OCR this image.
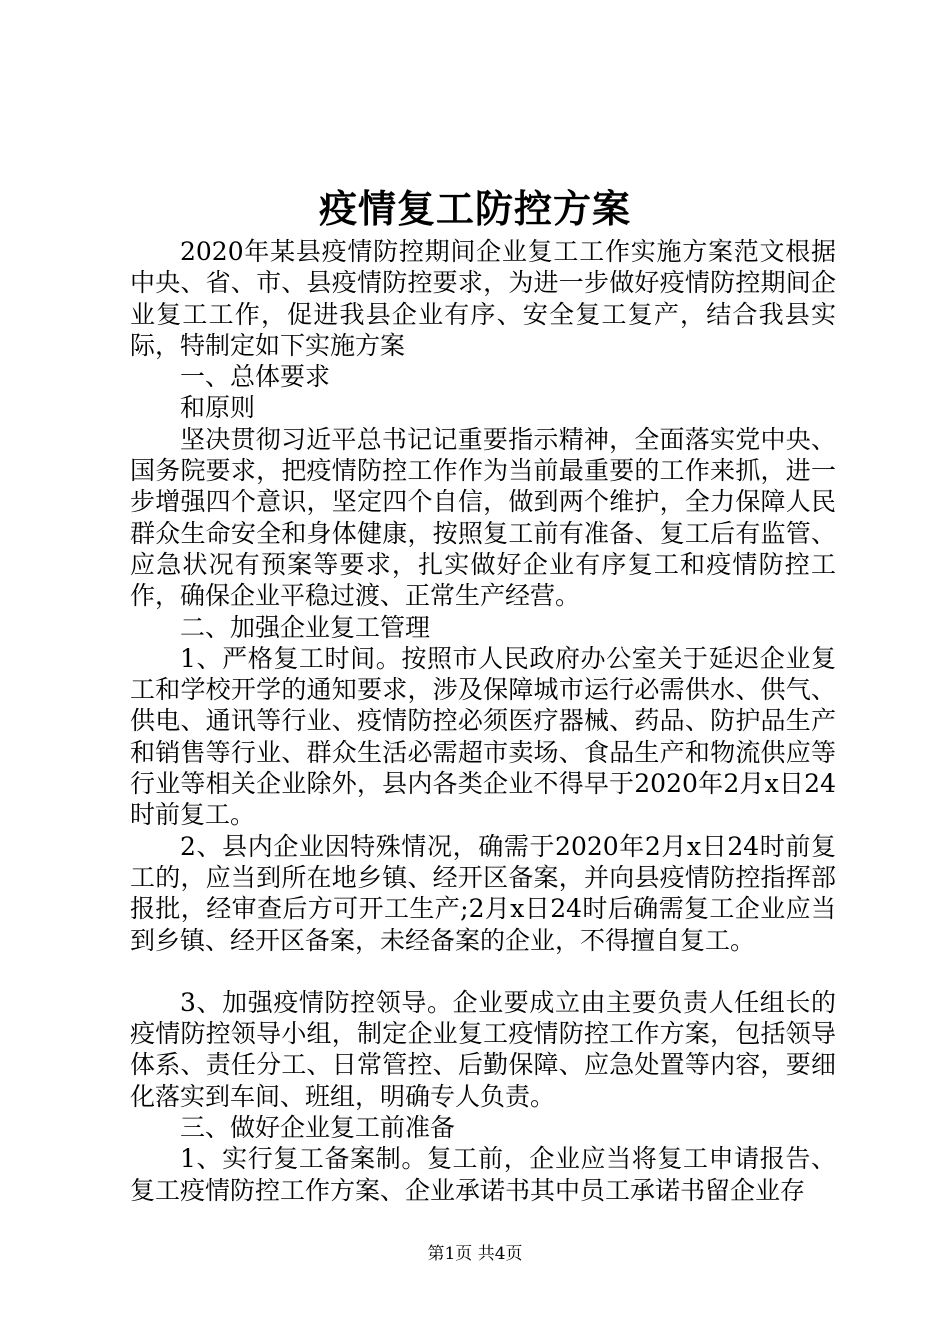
疫情复工防控方案

2020年某县疫情防控期间企业复工工作实施方案范文根据中央、省、市、县疫情防控要求，为进一步做好疫情防控期间企业复工工作，促进我县企业有序、安全复工复产，结合我县实际，特制定如下实施方案

一、总体要求

和原则

坚决贯彻习近平总书记记重要指示精神，全面落实党中央、国务院要求，把疫情防控工作作为当前最重要的工作来抓，进一步增强四个意识，坚定四个自信，做到两个维护，全力保障人民群众生命安全和身体健康，按照复工前有准备、复工后有监管、应急状况有预案等要求，扎实做好企业有序复工和疫情防控工作，确保企业平稳过渡、正常生产经营。

二、加强企业复工管理

1、严格复工时间。按照市人民政府办公室关于延迟企业复工和学校开学的通知要求，涉及保障城市运行必需供水、供气、供电、通讯等行业、疫情防控必须医疗器械、药品、防护品生产和销售等行业、群众生活必需超市卖场、食品生产和物流供应等行业等相关企业除外，县内各类企业不得早于2020年2月x日24时前复工。

2、县内企业因特殊情况，确需于2020年2月x日24时前复工的，应当到所在地乡镇、经开区备案，并向县疫情防控指挥部报批，经审查后方可开工生产;2月x日24时后确需复工企业应当到乡镇、经开区备案，未经备案的企业，不得擅自复工。

3、加强疫情防控领导。企业要成立由主要负责人任组长的疫情防控领导小组，制定企业复工疫情防控工作方案，包括领导体系、责任分工、日常管控、后勤保障、应急处置等内容，要细化落实到车间、班组，明确专人负责。

三、做好企业复工前准备

1、实行复工备案制。复工前，企业应当将复工申请报告、复工疫情防控工作方案、企业承诺书其中员工承诺书留企业存

第1页 共4页
